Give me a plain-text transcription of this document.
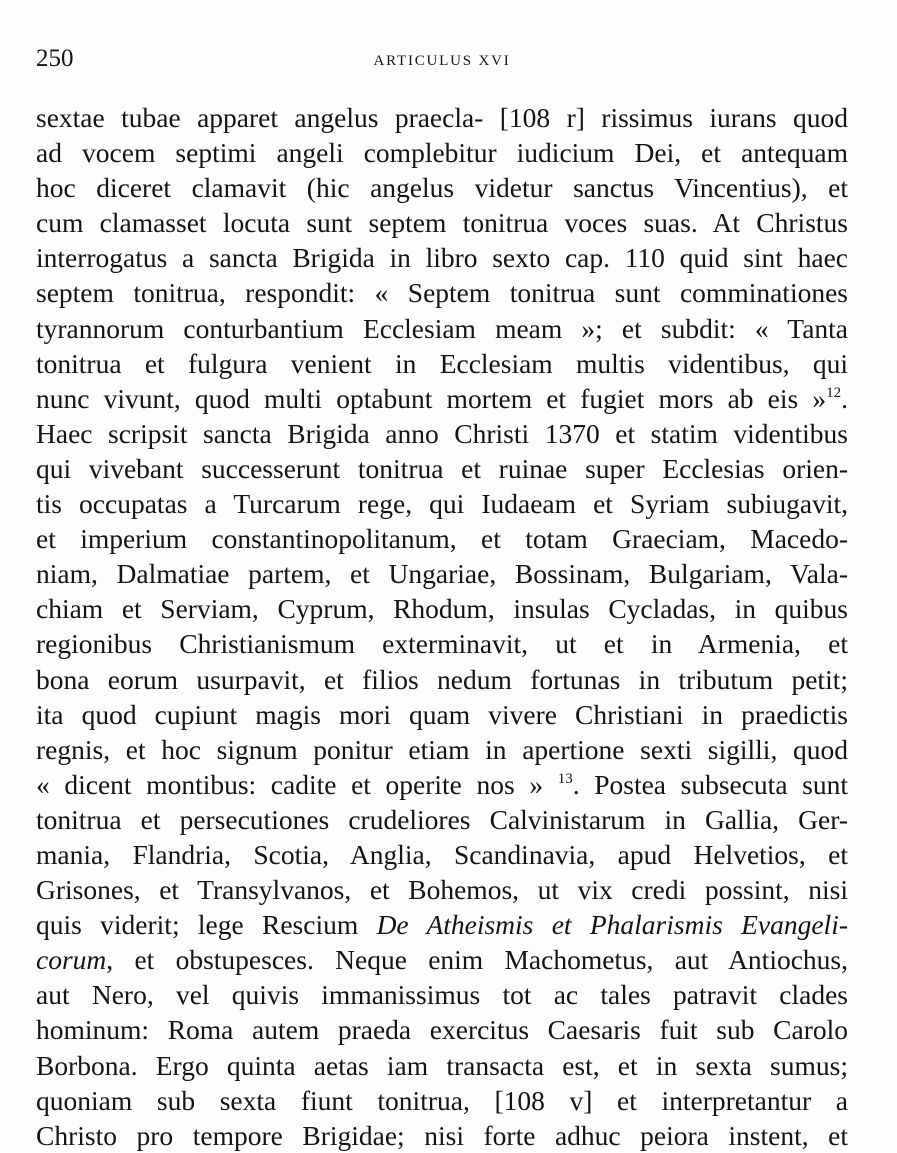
250	ARTICULUS XVI
sextae tubae apparet angelus praecla- [108 r] rissimus iurans quod
ad vocem septimi angeli complebitur iudicium Dei, et antequam
hoc diceret clamavit (hic angelus videtur sanctus Vincentius), et
cum clamasset locuta sunt septem tonitrua voces suas. At Christus
interrogatus a sancta Brigida in libro sexto cap. 110 quid sint haec
septem tonitrua, respondit: « Septem tonitrua sunt comminationes
tyrannorum conturbantium Ecclesiam meam »; et subdit: « Tanta
tonitrua et fulgura venient in Ecclesiam multis videntibus, qui
nunc vivunt, quod multi optabunt mortem et fugiet mors ab eis »$^{12}$.
Haec scripsit sancta Brigida anno Christi 1370 et statim videntibus
qui vivebant successerunt tonitrua et ruinae super Ecclesias orien-
tis occupatas a Turcarum rege, qui Iudaeam et Syriam subiugavit,
et imperium constantinopolitanum, et totam Graeciam, Macedo-
niam, Dalmatiae partem, et Ungariae, Bossinam, Bulgariam, Vala-
chiam et Serviam, Cyprum, Rhodum, insulas Cycladas, in quibus
regionibus Christianismum exterminavit, ut et in Armenia, et
bona eorum usurpavit, et filios nedum fortunas in tributum petit;
ita quod cupiunt magis mori quam vivere Christiani in praedictis
regnis, et hoc signum ponitur etiam in apertione sexti sigilli, quod
« dicent montibus: cadite et operite nos » $^{13}$. Postea subsecuta sunt
tonitrua et persecutiones crudeliores Calvinistarum in Gallia, Ger-
mania, Flandria, Scotia, Anglia, Scandinavia, apud Helvetios, et
Grisones, et Transylvanos, et Bohemos, ut vix credi possint, nisi
quis viderit; lege Rescium De Atheismis et Phalarismis Evangeli-
corum, et obstupesces. Neque enim Machometus, aut Antiochus,
aut Nero, vel quivis immanissimus tot ac tales patravit clades
hominum: Roma autem praeda exercitus Caesaris fuit sub Carolo
Borbona. Ergo quinta aetas iam transacta est, et in sexta sumus;
quoniam sub sexta fiunt tonitrua, [108 v] et interpretantur a
Christo pro tempore Brigidae; nisi forte adhuc peiora instent, et
